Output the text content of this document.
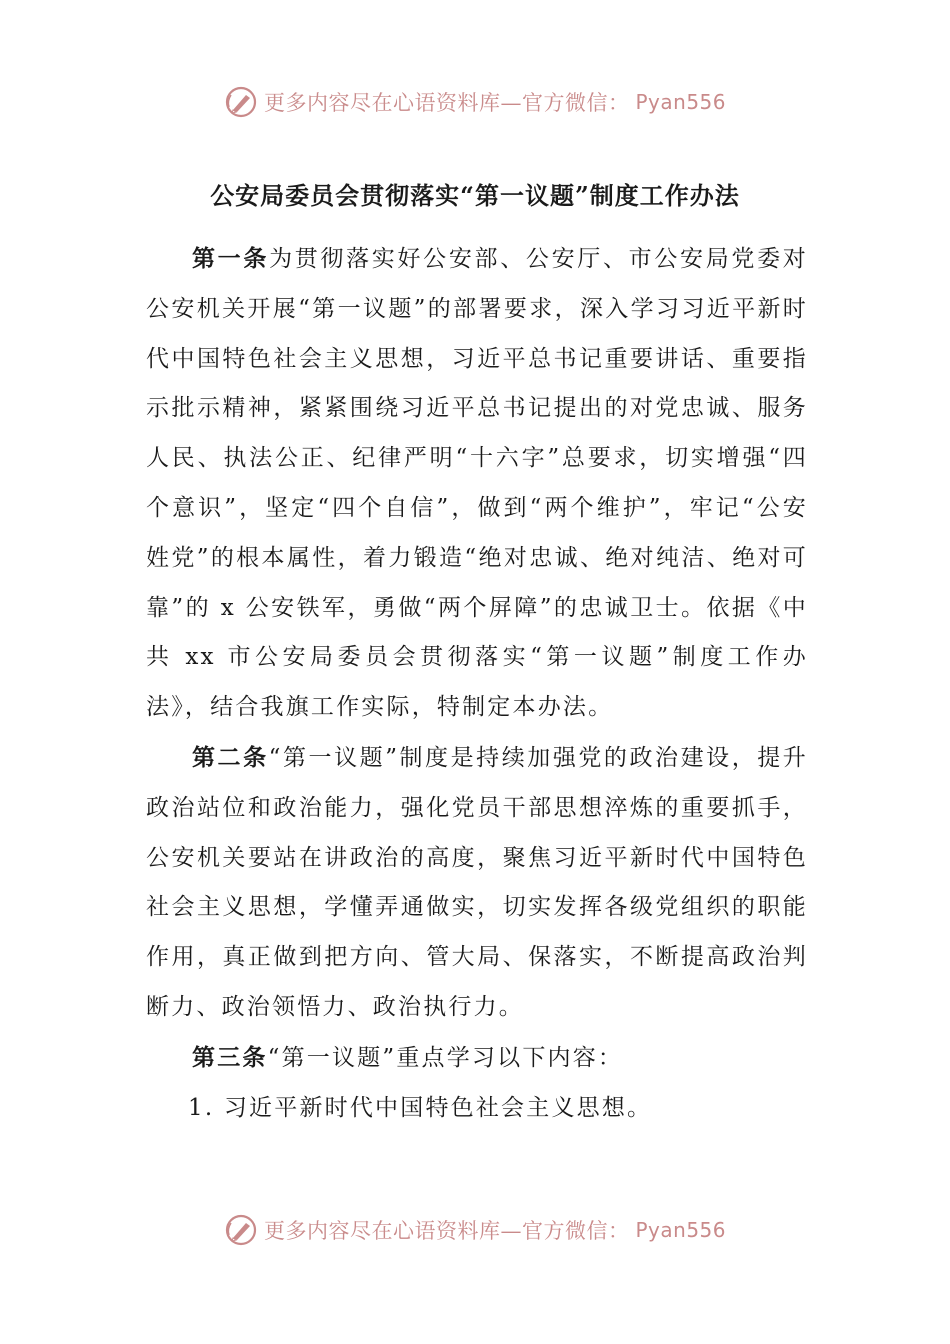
更多内容尽在心语资料库—官方微信： Pyan556
公安局委员会贯彻落实“第一议题”制度工作办法

第一条为贯彻落实好公安部、公安厅、市公安局党委对公安机关开展“第一议题”的部署要求，深入学习习近平新时代中国特色社会主义思想，习近平总书记重要讲话、重要指示批示精神，紧紧围绕习近平总书记提出的对党忠诚、服务人民、执法公正、纪律严明“十六字”总要求，切实增强“四个意识”，坚定“四个自信”，做到“两个维护”，牢记“公安姓党”的根本属性，着力锻造“绝对忠诚、绝对纯洁、绝对可靠”的 x 公安铁军，勇做“两个屏障”的忠诚卫士。依据《中共 xx 市公安局委员会贯彻落实“第一议题”制度工作办法》，结合我旗工作实际，特制定本办法。

第二条“第一议题”制度是持续加强党的政治建设，提升政治站位和政治能力，强化党员干部思想淬炼的重要抓手，公安机关要站在讲政治的高度，聚焦习近平新时代中国特色社会主义思想，学懂弄通做实，切实发挥各级党组织的职能作用，真正做到把方向、管大局、保落实，不断提高政治判断力、政治领悟力、政治执行力。

第三条“第一议题”重点学习以下内容：

1. 习近平新时代中国特色社会主义思想。

更多内容尽在心语资料库—官方微信： Pyan556
